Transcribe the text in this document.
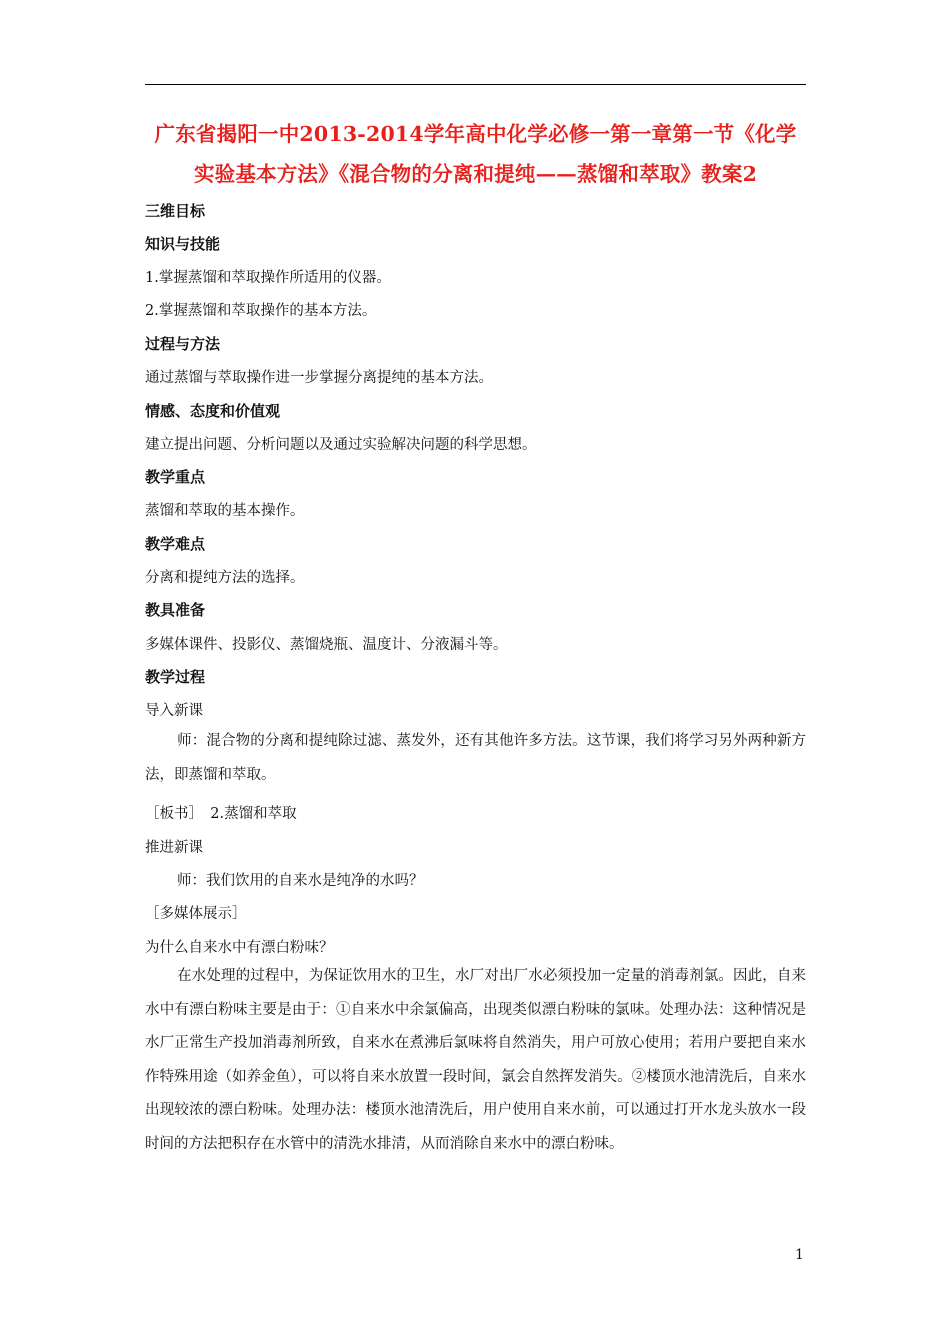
广东省揭阳一中2013-2014学年高中化学必修一第一章第一节《化学实验基本方法》《混合物的分离和提纯——蒸馏和萃取》教案2
三维目标
知识与技能
1.掌握蒸馏和萃取操作所适用的仪器。
2.掌握蒸馏和萃取操作的基本方法。
过程与方法
通过蒸馏与萃取操作进一步掌握分离提纯的基本方法。
情感、态度和价值观
建立提出问题、分析问题以及通过实验解决问题的科学思想。
教学重点
蒸馏和萃取的基本操作。
教学难点
分离和提纯方法的选择。
教具准备
多媒体课件、投影仪、蒸馏烧瓶、温度计、分液漏斗等。
教学过程
导入新课
师：混合物的分离和提纯除过滤、蒸发外，还有其他许多方法。这节课，我们将学习另外两种新方法，即蒸馏和萃取。
［板书］　2.蒸馏和萃取
推进新课
师：我们饮用的自来水是纯净的水吗？
［多媒体展示］
为什么自来水中有漂白粉味？
在水处理的过程中，为保证饮用水的卫生，水厂对出厂水必须投加一定量的消毒剂氯。因此，自来水中有漂白粉味主要是由于：①自来水中余氯偏高，出现类似漂白粉味的氯味。处理办法：这种情况是水厂正常生产投加消毒剂所致，自来水在煮沸后氯味将自然消失，用户可放心使用；若用户要把自来水作特殊用途（如养金鱼），可以将自来水放置一段时间，氯会自然挥发消失。②楼顶水池清洗后，自来水出现较浓的漂白粉味。处理办法：楼顶水池清洗后，用户使用自来水前，可以通过打开水龙头放水一段时间的方法把积存在水管中的清洗水排清，从而消除自来水中的漂白粉味。
1
